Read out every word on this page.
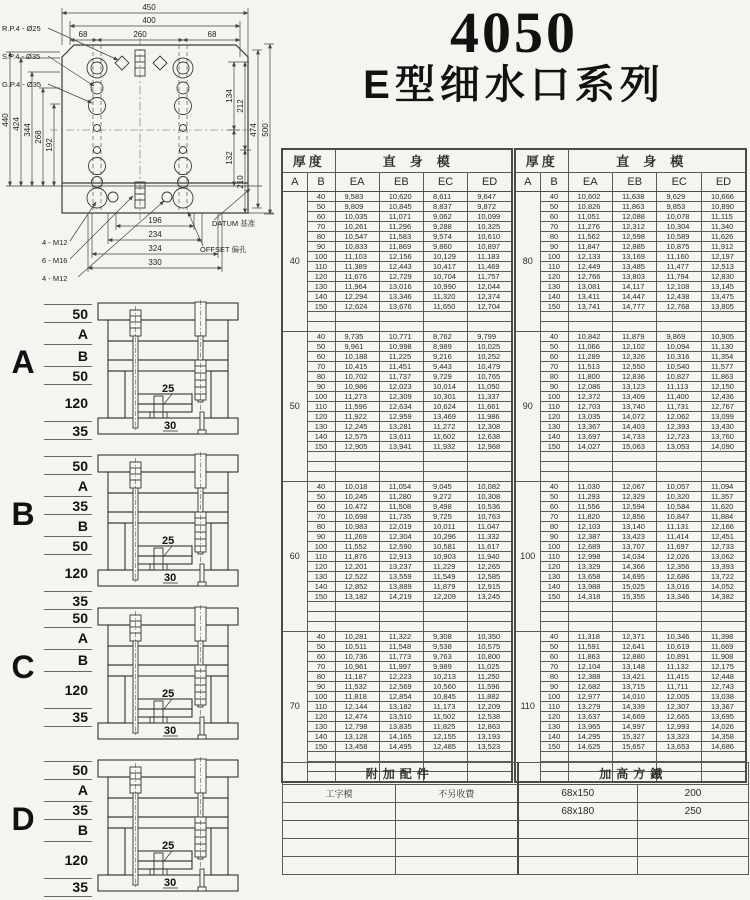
450
400
68	260	68
440 424 344
268
192
134
212
132
210
474 500
196
234
324
330
R.P.4 - Ø25
S.P.4 - Ø35
G.P.4 - Ø35
4 - M12
6 - M16
4 - M12
DATUM 基准
OFFSET 偏孔
4050
E型细水口系列
A
50
A
B
50
120
35
25
30
B
50
A
35
B
50
120
35
25
30
C
50
A
B
120
35
25
30
D
50
A
35
B
120
35
25
30
厚度		直身模			
A	B	EA	EB	EC	ED
40	40	9,583	10,620	8,611	9,647
	50	9,809	10,845	8,837	9,872
	60	10,035	11,071	9,062	10,099
	70	10,261	11,296	9,288	10,325
	80	10,547	11,583	9,574	10,610
	90	10,833	11,869	9,860	10,897
	100	11,103	12,156	10,129	11,183
	110	11,389	12,443	10,417	11,469
	120	11,676	12,729	10,704	11,757
	130	11,964	13,016	10,990	12,044
	140	12,294	13,346	11,320	12,374
	150	12,624	13,676	11,650	12,704

50	40	9,735	10,771	8,762	9,799
	50	9,961	10,998	8,989	10,025
	60	10,188	11,225	9,216	10,252
	70	10,415	11,451	9,443	10,479
	80	10,702	11,737	9,729	10,765
	90	10,986	12,023	10,014	11,050
	100	11,273	12,309	10,301	11,337
	110	11,596	12,634	10,624	11,661
	120	11,922	12,959	13,469	11,986
	130	12,245	13,281	11,272	12,308
	140	12,575	13,611	11,602	12,638
	150	12,905	13,941	11,932	12,968

60	40	10,018	11,054	9,045	10,082
	50	10,245	11,280	9,272	10,308
	60	10,472	11,508	9,498	10,536
	70	10,698	11,735	9,725	10,763
	80	10,983	12,019	10,011	11,047
	90	11,269	12,304	10,296	11,332
	100	11,552	12,590	10,581	11,617
	110	11,876	12,913	10,903	11,940
	120	12,201	13,237	11,229	12,265
	130	12,522	13,559	11,549	12,585
	140	12,852	13,889	11,879	12,915
	150	13,182	14,219	12,209	13,245

70	40	10,281	11,322	9,308	10,350
	50	10,511	11,548	9,538	10,575
	60	10,736	11,773	9,763	10,800
	70	10,961	11,997	9,989	11,025
	80	11,187	12,223	10,213	11,250
	90	11,532	12,569	10,560	11,596
	100	11,818	12,854	10,845	11,882
	110	12,144	13,182	11,173	12,209
	120	12,474	13,510	11,502	12,538
	130	12,798	13,835	11,825	12,863
	140	13,128	14,165	12,155	13,193
	150	13,458	14,495	12,485	13,523

厚度		直身模			
A	B	EA	EB	EC	ED
80	40	10,602	11,638	9,629	10,666
	50	10,826	11,863	9,853	10,890
	60	11,051	12,088	10,078	11,115
	70	11,276	12,312	10,304	11,340
	80	11,562	12,598	10,589	11,626
	90	11,847	12,885	10,875	11,912
	100	12,133	13,169	11,160	12,197
	110	12,449	13,485	11,477	12,513
	120	12,766	13,803	11,794	12,830
	130	13,081	14,117	12,108	13,145
	140	13,411	14,447	12,438	13,475
	150	13,741	14,777	12,768	13,805

90	40	10,842	11,879	9,869	10,905
	50	11,066	12,102	10,094	11,130
	60	11,289	12,326	10,316	11,354
	70	11,513	12,550	10,540	11,577
	80	11,800	12,836	10,827	11,863
	90	12,086	13,123	11,113	12,150
	100	12,372	13,409	11,400	12,436
	110	12,703	13,740	11,731	12,767
	120	13,035	14,072	12,062	13,099
	130	13,367	14,403	12,393	13,430
	140	13,697	14,733	12,723	13,760
	150	14,027	15,063	13,053	14,090

100	40	11,030	12,067	10,057	11,094
	50	11,293	12,329	10,320	11,357
	60	11,556	12,594	10,584	11,620
	70	11,820	12,856	10,847	11,884
	80	12,103	13,140	11,131	12,166
	90	12,387	13,423	11,414	12,451
	100	12,689	13,707	11,697	12,733
	110	12,998	14,034	12,026	13,062
	120	13,329	14,366	12,356	13,393
	130	13,658	14,695	12,686	13,722
	140	13,988	15,025	13,016	14,052
	150	14,318	15,355	13,346	14,382

110	40	11,318	12,371	10,346	11,398
	50	11,591	12,641	10,619	11,669
	60	11,863	12,880	10,891	11,908
	70	12,104	13,148	11,132	12,175
	80	12,388	13,421	11,415	12,448
	90	12,682	13,715	11,711	12,743
	100	12,977	14,010	12,005	13,038
	110	13,279	14,339	12,307	13,367
	120	13,637	14,669	12,665	13,695
	130	13,965	14,997	12,993	14,026
	140	14,295	15,327	13,323	14,358
	150	14,625	15,657	13,653	14,686

附加配件		加高方鐵	
工字模	不另收費	68x150	200
		68x180	250
